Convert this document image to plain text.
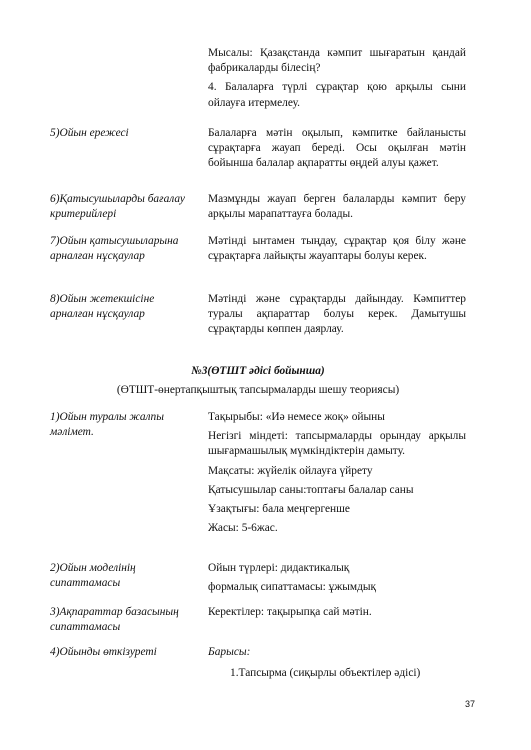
Мысалы: Қазақстанда кәмпит шығаратын қандай фабрикаларды білесің?

4. Балаларға түрлі сұрақтар қою арқылы сыни ойлауға итермелеу.

5)Ойын ережесі	Балаларға мәтін оқылып, кәмпитке байланысты сұрақтарға жауап береді. Осы оқылған мәтін бойынша балалар ақпаратты өңдей алуы қажет.
6)Қатысушыларды бағалау критерийлері
Мазмұнды жауап берген балаларды кәмпит беру арқылы марапаттауға болады.
7)Ойын қатысушыларына арналған нұсқаулар
Мәтінді ынтамен тыңдау, сұрақтар қоя білу және сұрақтарға лайықты жауаптары болуы керек.
8)Ойын жетекшісіне арналған нұсқаулар
Мәтінді және сұрақтарды дайындау. Кәмпиттер туралы ақпараттар болуы керек. Дамытушы сұрақтарды көппен даярлау.
№3(ӨТШТ әдісі бойынша)
(ӨТШТ-өнертапқыштық тапсырмаларды шешу теориясы)
1)Ойын туралы жалпы мәлімет.

Тақырыбы: «Иә немесе жоқ» ойыны

Негізгі міндеті: тапсырмаларды орындау арқылы шығармашылық мүмкіндіктерін дамыту.

Мақсаты: жүйелік ойлауға үйрету

Қатысушылар саны:топтағы балалар саны

Ұзақтығы: бала меңгергенше

Жасы: 5-6жас.

2)Ойын моделінің сипаттамасы

Ойын түрлері: дидактикалық

формалық сипаттамасы: ұжымдық

3)Ақпараттар базасының сипаттамасы
Керектілер: тақырыпқа сай мәтін.
4)Ойынды өткізуреті	Барысы:
1.Тапсырма (сиқырлы объектілер әдісі)
37
